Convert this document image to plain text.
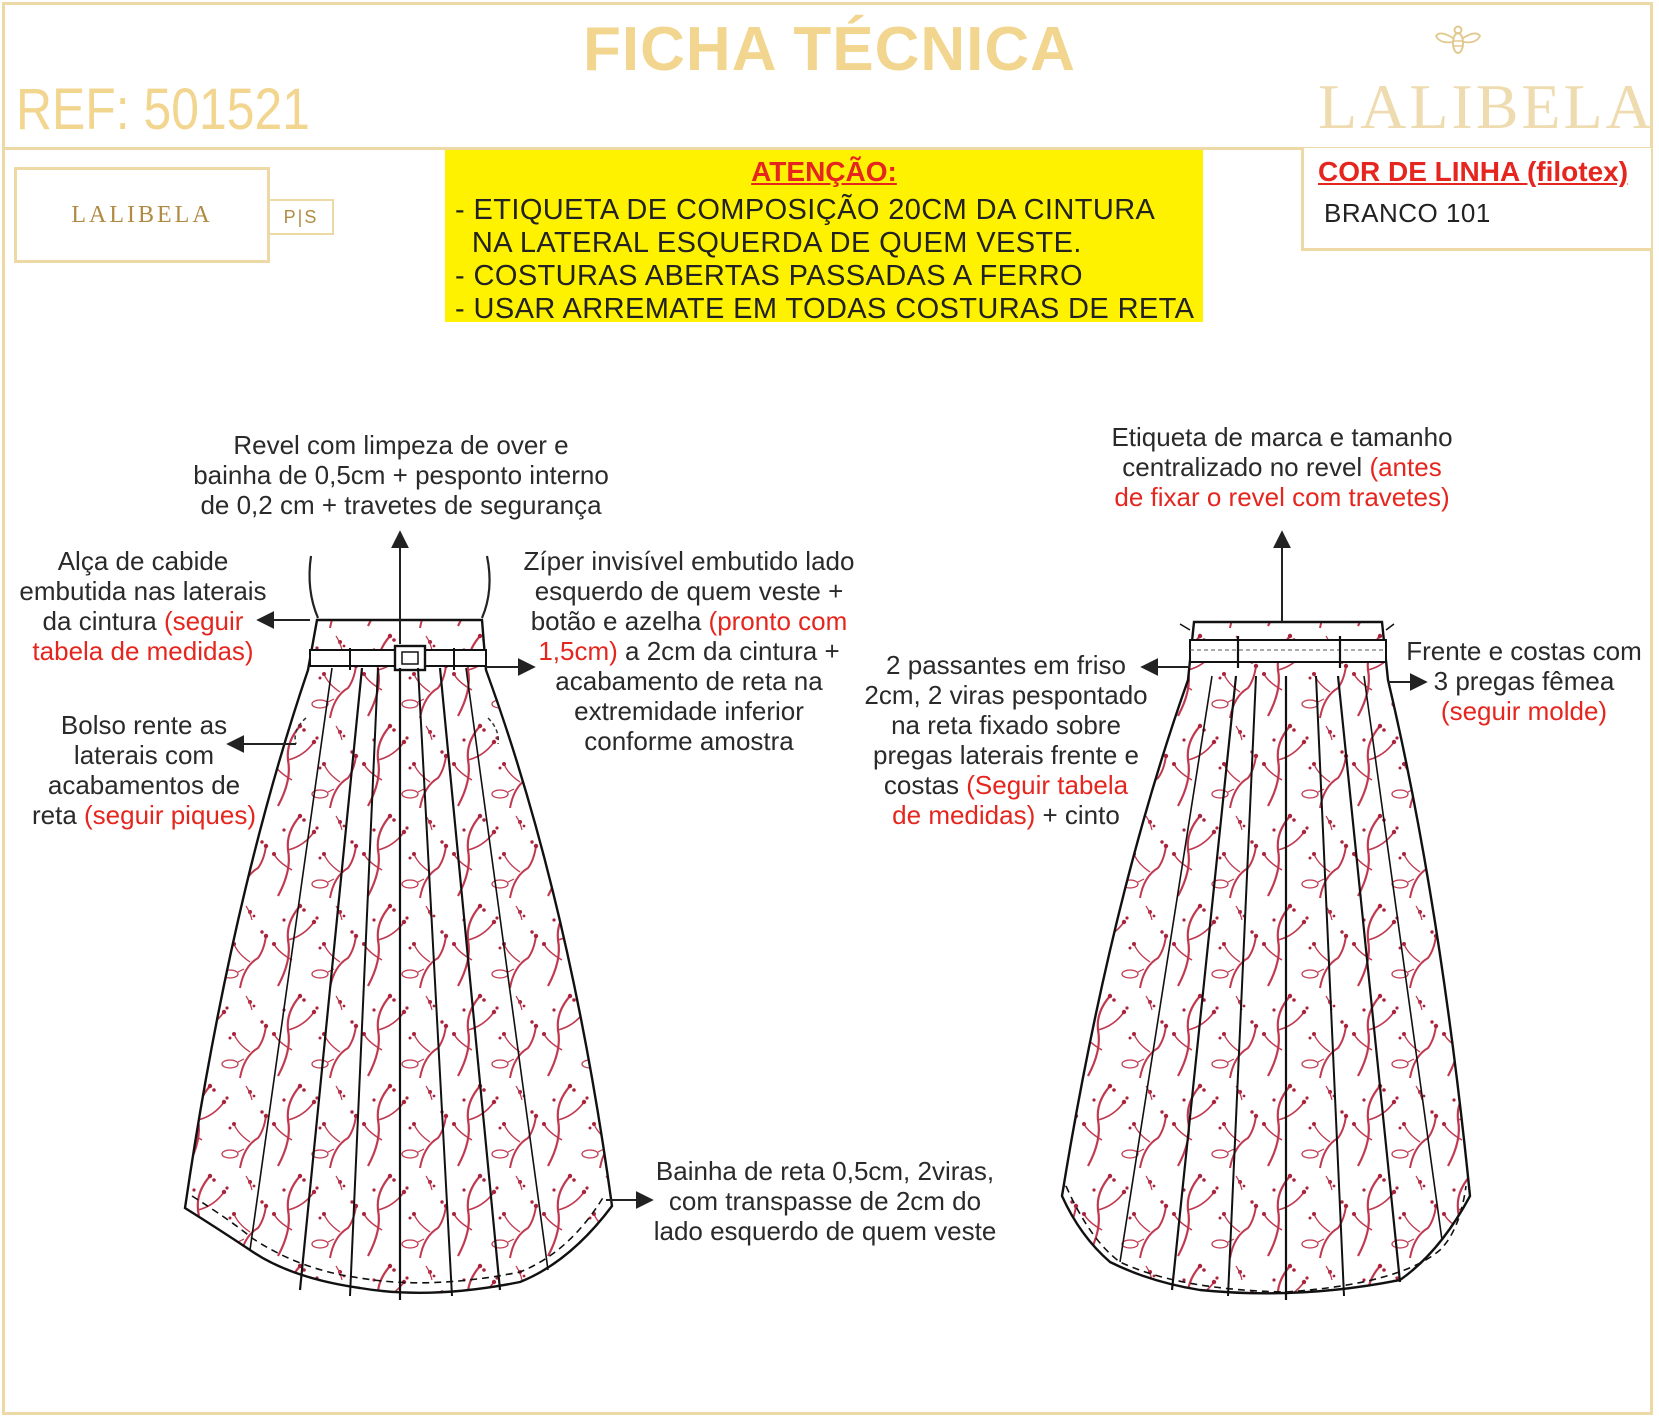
FICHA TÉCNICA
REF: 501521	LALIBELA
LALIBELA	P|S
ATENÇÃO:
- ETIQUETA DE COMPOSIÇÃO 20CM DA CINTURA
NA LATERAL ESQUERDA DE QUEM VESTE.
- COSTURAS ABERTAS PASSADAS A FERRO
- USAR ARREMATE EM TODAS COSTURAS DE RETA
COR DE LINHA (filotex)
BRANCO 101
Revel com limpeza de over e
bainha de 0,5cm + pesponto interno
de 0,2 cm + travetes de segurança
Alça de cabide
embutida nas laterais
da cintura (seguir
tabela de medidas)
Bolso rente as
laterais com
acabamentos de
reta (seguir piques)
Zíper invisível embutido lado
esquerdo de quem veste +
botão e azelha (pronto com
1,5cm) a 2cm da cintura +
acabamento de reta na
extremidade inferior
conforme amostra
Bainha de reta 0,5cm, 2viras,
com transpasse de 2cm do
lado esquerdo de quem veste
Etiqueta de marca e tamanho
centralizado no revel (antes
de fixar o revel com travetes)
2 passantes em friso
2cm, 2 viras pespontado
na reta fixado sobre
pregas laterais frente e
costas (Seguir tabela
de medidas) + cinto
Frente e costas com
3 pregas fêmea
(seguir molde)
